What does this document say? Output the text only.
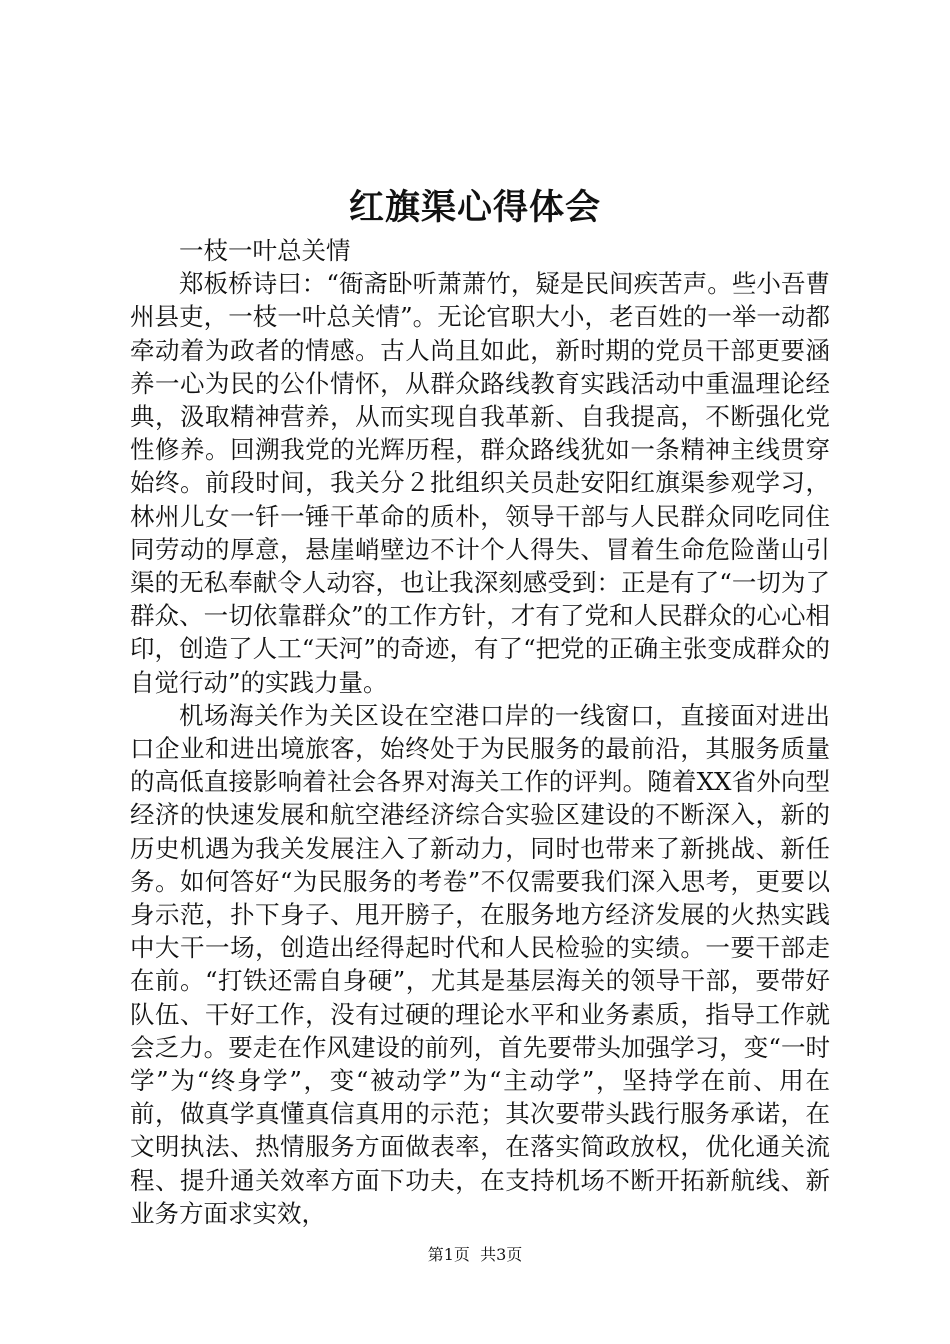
红旗渠心得体会

一枝一叶总关情

郑板桥诗曰：“衙斋卧听萧萧竹，疑是民间疾苦声。些小吾曹州县吏，一枝一叶总关情”。无论官职大小，老百姓的一举一动都牵动着为政者的情感。古人尚且如此，新时期的党员干部更要涵养一心为民的公仆情怀，从群众路线教育实践活动中重温理论经典，汲取精神营养，从而实现自我革新、自我提高，不断强化党性修养。回溯我党的光辉历程，群众路线犹如一条精神主线贯穿始终。前段时间，我关分２批组织关员赴安阳红旗渠参观学习，林州儿女一钎一锤干革命的质朴，领导干部与人民群众同吃同住同劳动的厚意，悬崖峭壁边不计个人得失、冒着生命危险凿山引渠的无私奉献令人动容，也让我深刻感受到：正是有了“一切为了群众、一切依靠群众”的工作方针，才有了党和人民群众的心心相印，创造了人工“天河”的奇迹，有了“把党的正确主张变成群众的自觉行动”的实践力量。

机场海关作为关区设在空港口岸的一线窗口，直接面对进出口企业和进出境旅客，始终处于为民服务的最前沿，其服务质量的高低直接影响着社会各界对海关工作的评判。随着XX省外向型经济的快速发展和航空港经济综合实验区建设的不断深入，新的历史机遇为我关发展注入了新动力，同时也带来了新挑战、新任务。如何答好“为民服务的考卷”不仅需要我们深入思考，更要以身示范，扑下身子、甩开膀子，在服务地方经济发展的火热实践中大干一场，创造出经得起时代和人民检验的实绩。一要干部走在前。“打铁还需自身硬”，尤其是基层海关的领导干部，要带好队伍、干好工作，没有过硬的理论水平和业务素质，指导工作就会乏力。要走在作风建设的前列，首先要带头加强学习，变“一时学”为“终身学”，变“被动学”为“主动学”，坚持学在前、用在前，做真学真懂真信真用的示范；其次要带头践行服务承诺，在文明执法、热情服务方面做表率，在落实简政放权，优化通关流程、提升通关效率方面下功夫，在支持机场不断开拓新航线、新业务方面求实效，

第1页 共3页
